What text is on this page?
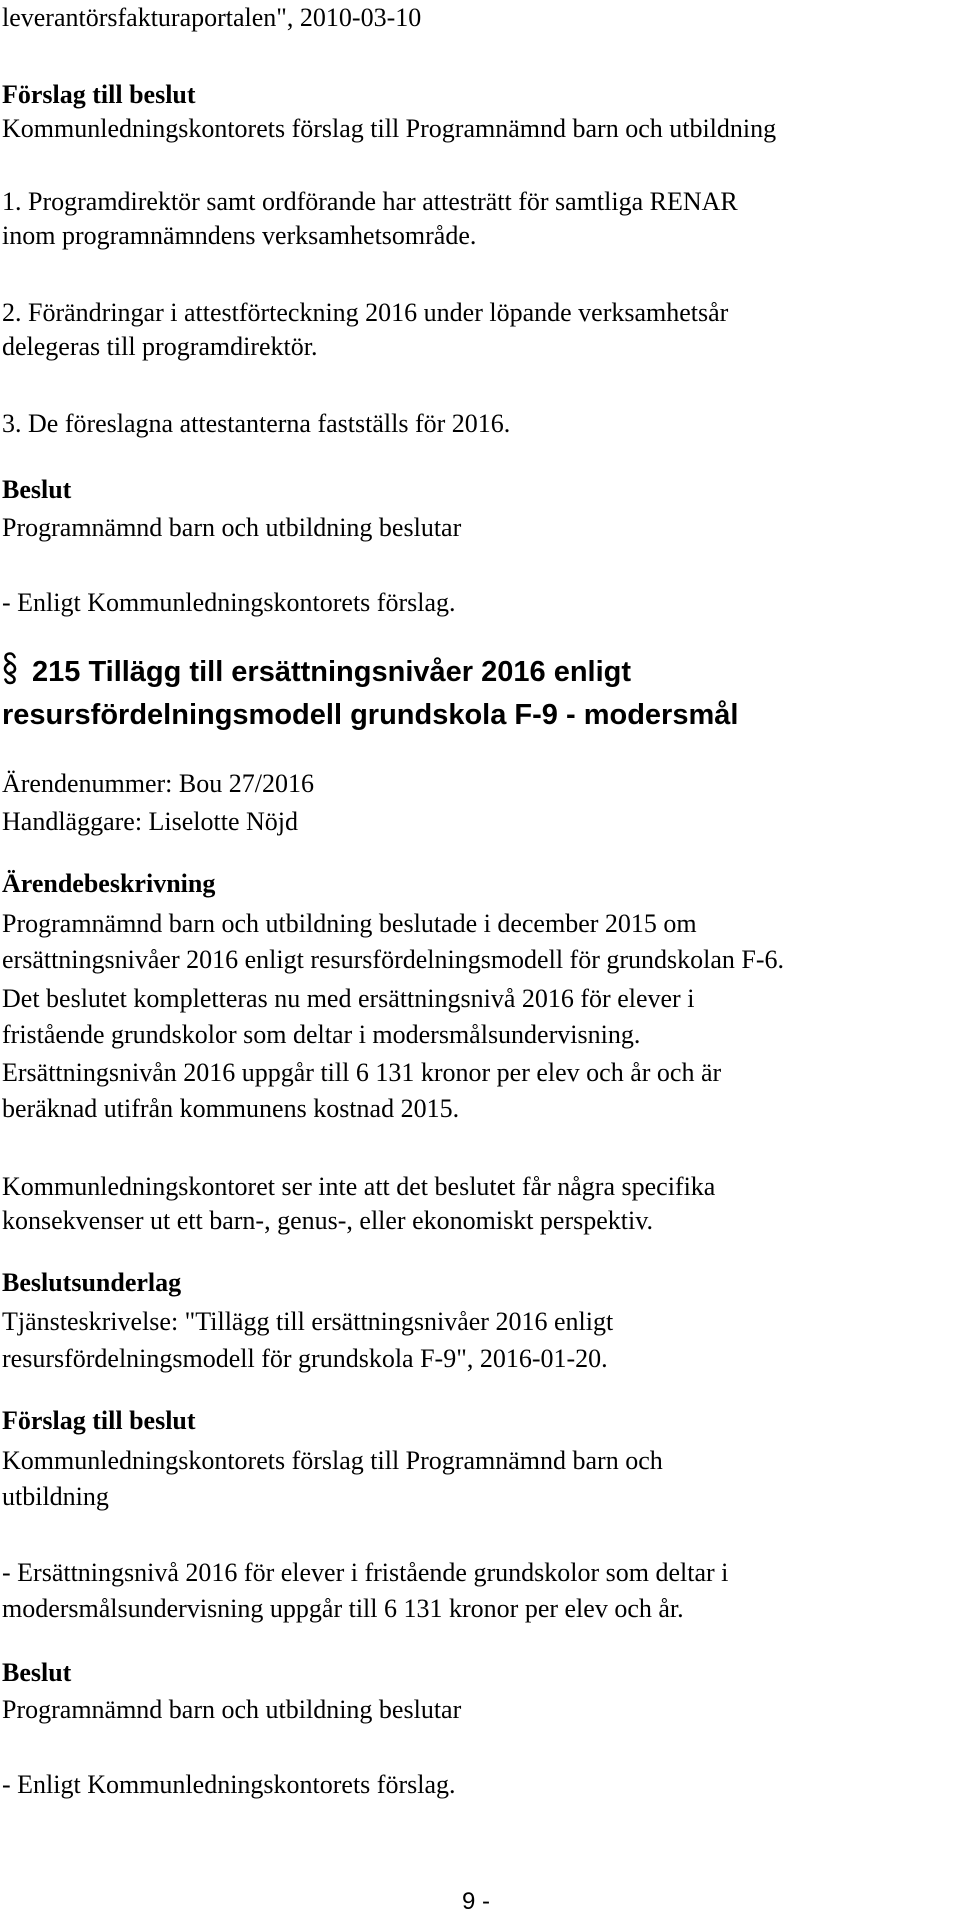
leverantörsfakturaportalen", 2010-03-10

Förslag till beslut

Kommunledningskontorets förslag till Programnämnd barn och utbildning

1. Programdirektör samt ordförande har attesträtt för samtliga RENAR

inom programnämndens verksamhetsområde.

2. Förändringar i attestförteckning 2016 under löpande verksamhetsår

delegeras till programdirektör.

3. De föreslagna attestanterna fastställs för 2016.

Beslut

Programnämnd barn och utbildning beslutar

- Enligt Kommunledningskontorets förslag.

215 Tillägg till ersättningsnivåer 2016 enligt

resursfördelningsmodell grundskola F-9 - modersmål

Ärendenummer: Bou 27/2016

Handläggare: Liselotte Nöjd

Ärendebeskrivning

Programnämnd barn och utbildning beslutade i december 2015 om

ersättningsnivåer 2016 enligt resursfördelningsmodell för grundskolan F-6.

Det beslutet kompletteras nu med ersättningsnivå 2016 för elever i

fristående grundskolor som deltar i modersmålsundervisning.

Ersättningsnivån 2016 uppgår till 6 131 kronor per elev och år och är

beräknad utifrån kommunens kostnad 2015.

Kommunledningskontoret ser inte att det beslutet får några specifika

konsekvenser ut ett barn-, genus-, eller ekonomiskt perspektiv.

Beslutsunderlag

Tjänsteskrivelse: "Tillägg till ersättningsnivåer 2016 enligt

resursfördelningsmodell för grundskola F-9", 2016-01-20.

Förslag till beslut

Kommunledningskontorets förslag till Programnämnd barn och

utbildning

- Ersättningsnivå 2016 för elever i fristående grundskolor som deltar i

modersmålsundervisning uppgår till 6 131 kronor per elev och år.

Beslut

Programnämnd barn och utbildning beslutar

- Enligt Kommunledningskontorets förslag.

9 -
